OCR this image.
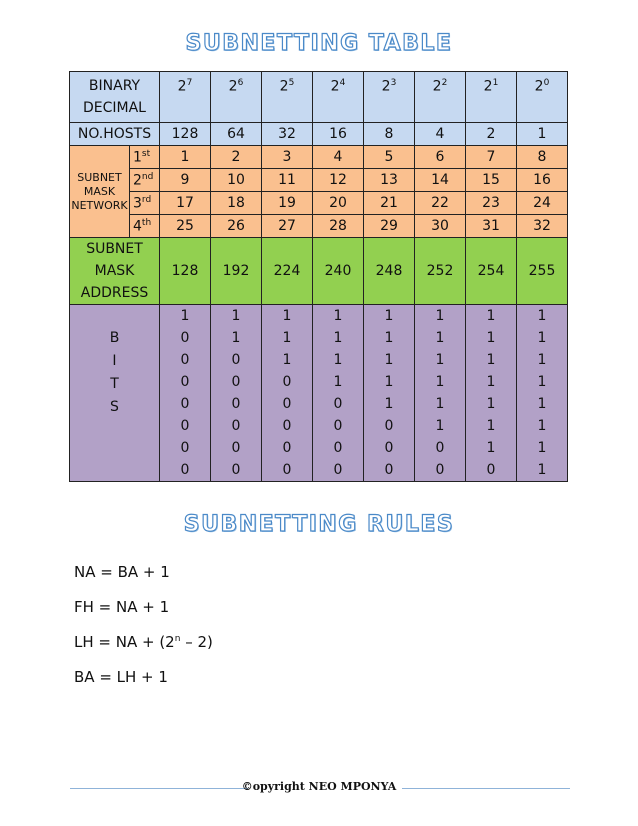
SUBNETTING TABLE
BINARY
DECIMAL		$2^7$	$2^6$	$2^5$	$2^4$	$2^3$	$2^2$	$2^1$	$2^0$
NO.HOSTS		128	64	32	16	8	4	2	1

SUBNET
MASK
NETWORK	1st	1	2	3	4	5	6	7	8
	2nd	9	10	11	12	13	14	15	16
	3rd	17	18	19	20	21	22	23	24
	4th	25	26	27	28	29	30	31	32

SUBNET
MASK
ADDRESS		128	192	224	240	248	252	254	255

B
I
T
S		1	1	1	1	1	1	1	1
		0	1	1	1	1	1	1	1
		0	0	1	1	1	1	1	1
		0	0	0	1	1	1	1	1
		0	0	0	0	1	1	1	1
		0	0	0	0	0	1	1	1
		0	0	0	0	0	0	1	1
		0	0	0	0	0	0	0	1
SUBNETTING RULES
NA = BA + 1
FH = NA + 1
LH = NA + $(2^n - 2)$
BA = LH + 1
©opyright NEO MPONYA
